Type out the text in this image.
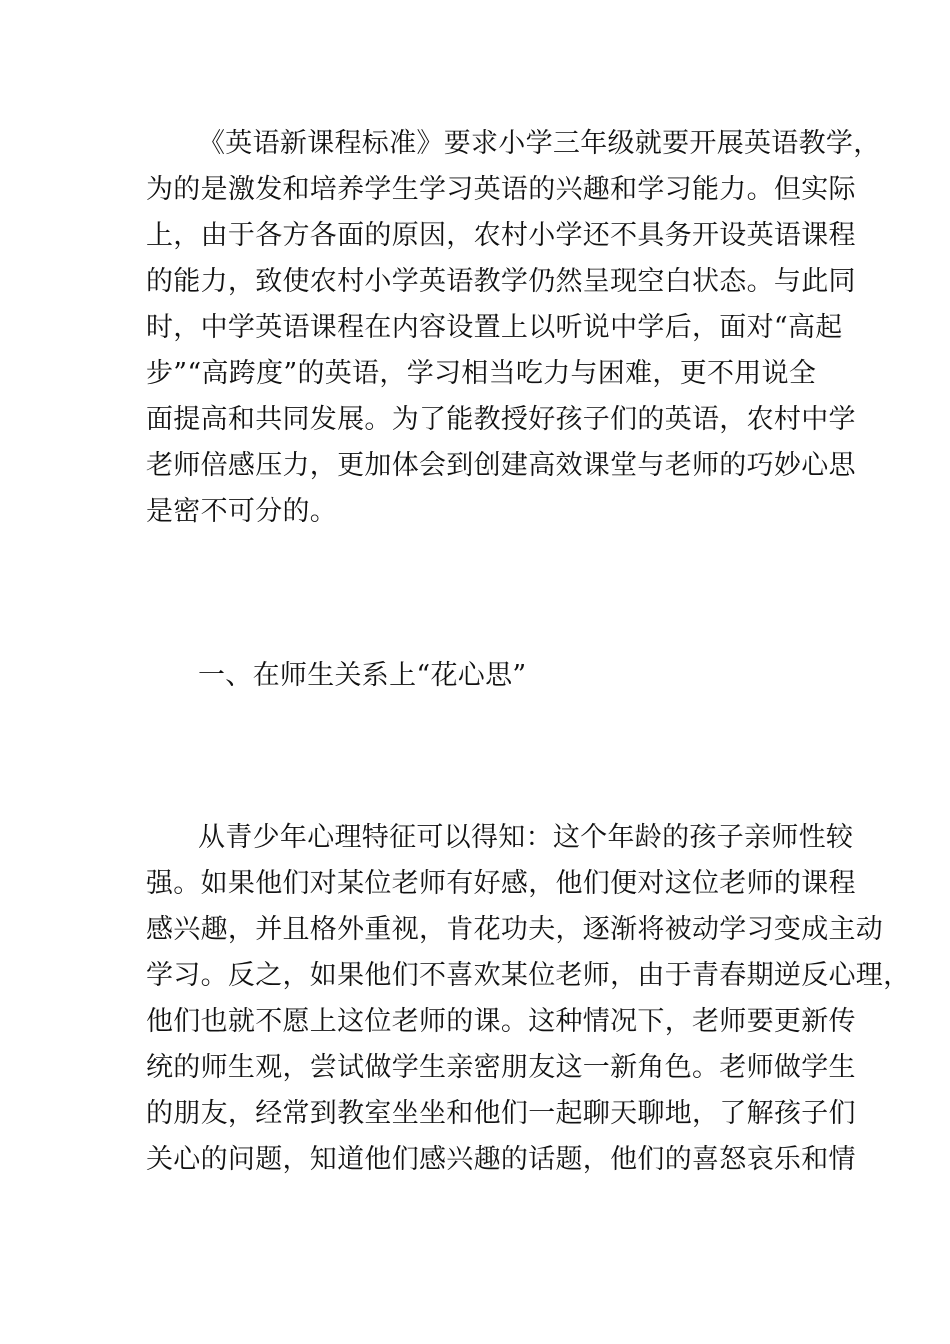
《英语新课程标准》要求小学三年级就要开展英语教学，
为的是激发和培养学生学习英语的兴趣和学习能力。但实际
上，由于各方各面的原因，农村小学还不具务开设英语课程
的能力，致使农村小学英语教学仍然呈现空白状态。与此同
时，中学英语课程在内容设置上以听说中学后，面对“高起
步”“高跨度”的英语，学习相当吃力与困难，更不用说全
面提高和共同发展。为了能教授好孩子们的英语，农村中学
老师倍感压力，更加体会到创建高效课堂与老师的巧妙心思
是密不可分的。
一、在师生关系上“花心思”
从青少年心理特征可以得知：这个年龄的孩子亲师性较
强。如果他们对某位老师有好感，他们便对这位老师的课程
感兴趣，并且格外重视，肯花功夫，逐渐将被动学习变成主动
学习。反之，如果他们不喜欢某位老师，由于青春期逆反心理，
他们也就不愿上这位老师的课。这种情况下，老师要更新传
统的师生观，尝试做学生亲密朋友这一新角色。老师做学生
的朋友，经常到教室坐坐和他们一起聊天聊地，了解孩子们
关心的问题，知道他们感兴趣的话题，他们的喜怒哀乐和情
